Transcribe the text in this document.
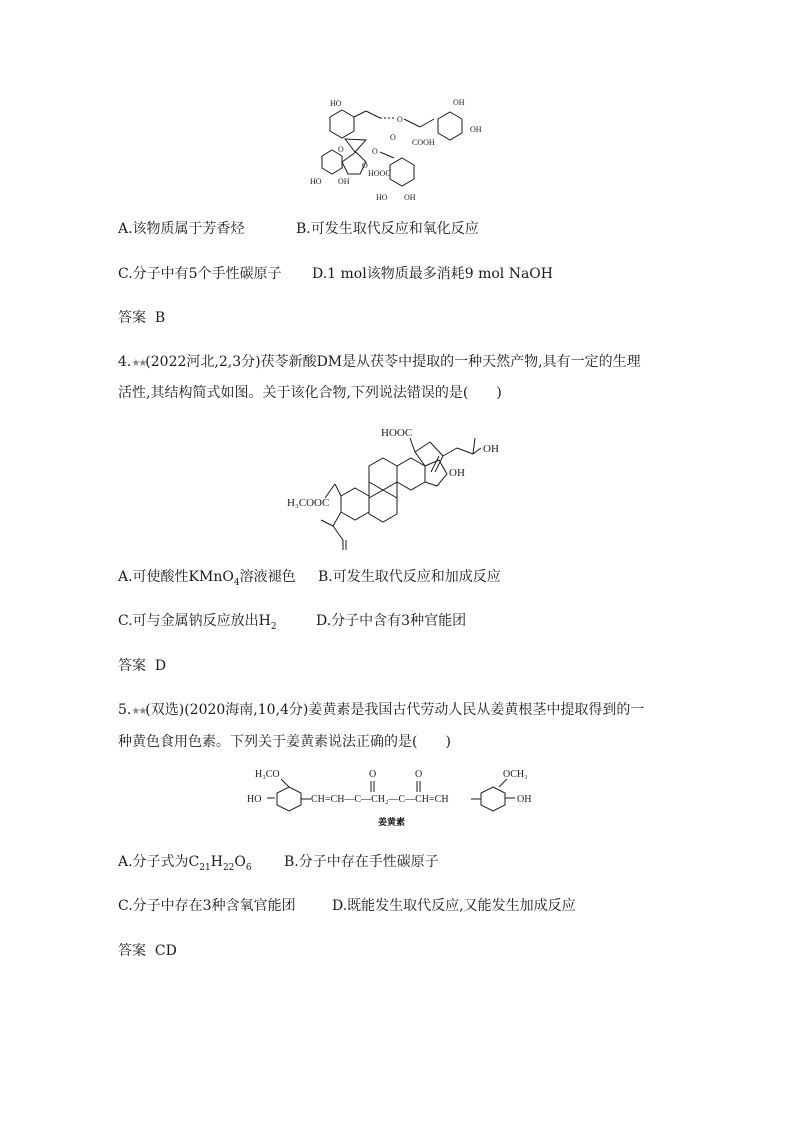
HO
O
O
O
OH
OH
COOH
O
O
HOOC
HO OH
HO OH
A.该物质属于芳香烃	B.可发生取代反应和氧化反应
C.分子中有5个手性碳原子 D.1 mol该物质最多消耗9 mol NaOH
答案 B
4.★★(2022河北,2,3分)茯苓新酸DM是从茯苓中提取的一种天然产物,具有一定的生理
活性,其结构简式如图。关于该化合物,下列说法错误的是(　　)
HOOC
OH
OH
H₃COOC
A.可使酸性KMnO$_4$溶液褪色 B.可发生取代反应和加成反应
C.可与金属钠反应放出$H_2$	D.分子中含有3种官能团
答案 D
5.★★(双选)(2020海南,10,4分)姜黄素是我国古代劳动人民从姜黄根茎中提取得到的一
种黄色食用色素。下列关于姜黄素说法正确的是(　　)
H₃CO
HO	CH=CH—C—CH₂—C—CH=CH
O	O	OCH₃
OH
姜黄素
A.分子式为$C_{21}H_{22}O_6$ B.分子中存在手性碳原子
C.分子中存在3种含氧官能团	D.既能发生取代反应,又能发生加成反应
答案 CD
